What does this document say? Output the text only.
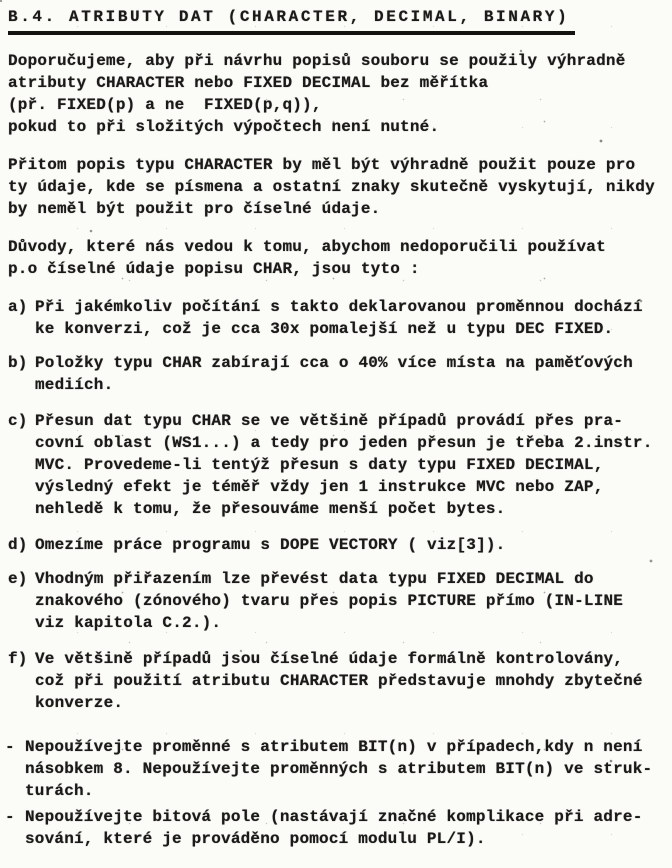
B.4. ATRIBUTY DAT (CHARACTER, DECIMAL, BINARY)
Doporučujeme, aby při návrhu popisů souboru se použily výhradně
atributy CHARACTER nebo FIXED DECIMAL bez měřítka
(př. FIXED(p) a ne  FIXED(p,q)),
pokud to při složitých výpočtech není nutné.
Přitom popis typu CHARACTER by měl být výhradně použit pouze pro
ty údaje, kde se písmena a ostatní znaky skutečně vyskytují, nikdy
by neměl být použit pro číselné údaje.
Důvody, které nás vedou k tomu, abychom nedoporučili používat
p.o číselné údaje popisu CHAR, jsou tyto :
a) Při jakémkoliv počítání s takto deklarovanou proměnnou dochází
ke konverzi, což je cca 30x pomalejší než u typu DEC FIXED.
b) Položky typu CHAR zabírají cca o 40% více místa na paměťových
mediích.
c) Přesun dat typu CHAR se ve většině případů provádí přes pra-
covní oblast (WS1...) a tedy pro jeden přesun je třeba 2.instr.
MVC. Provedeme-li tentýž přesun s daty typu FIXED DECIMAL,
výsledný efekt je téměř vždy jen 1 instrukce MVC nebo ZAP,
nehledě k tomu, že přesouváme menší počet bytes.
d) Omezíme práce programu s DOPE VECTORY ( viz[3]).
e) Vhodným přiřazením lze převést data typu FIXED DECIMAL do
znakového (zónového) tvaru přes popis PICTURE přímo (IN-LINE
viz kapitola C.2.).
f) Ve většině případů jsou číselné údaje formálně kontrolovány,
což při použití atributu CHARACTER představuje mnohdy zbytečné
konverze.
- Nepoužívejte proměnné s atributem BIT(n) v případech,kdy n není
násobkem 8. Nepoužívejte proměnných s atributem BIT(n) ve struk-
turách.
- Nepoužívejte bitová pole (nastávají značné komplikace při adre-
sování, které je prováděno pomocí modulu PL/I).
